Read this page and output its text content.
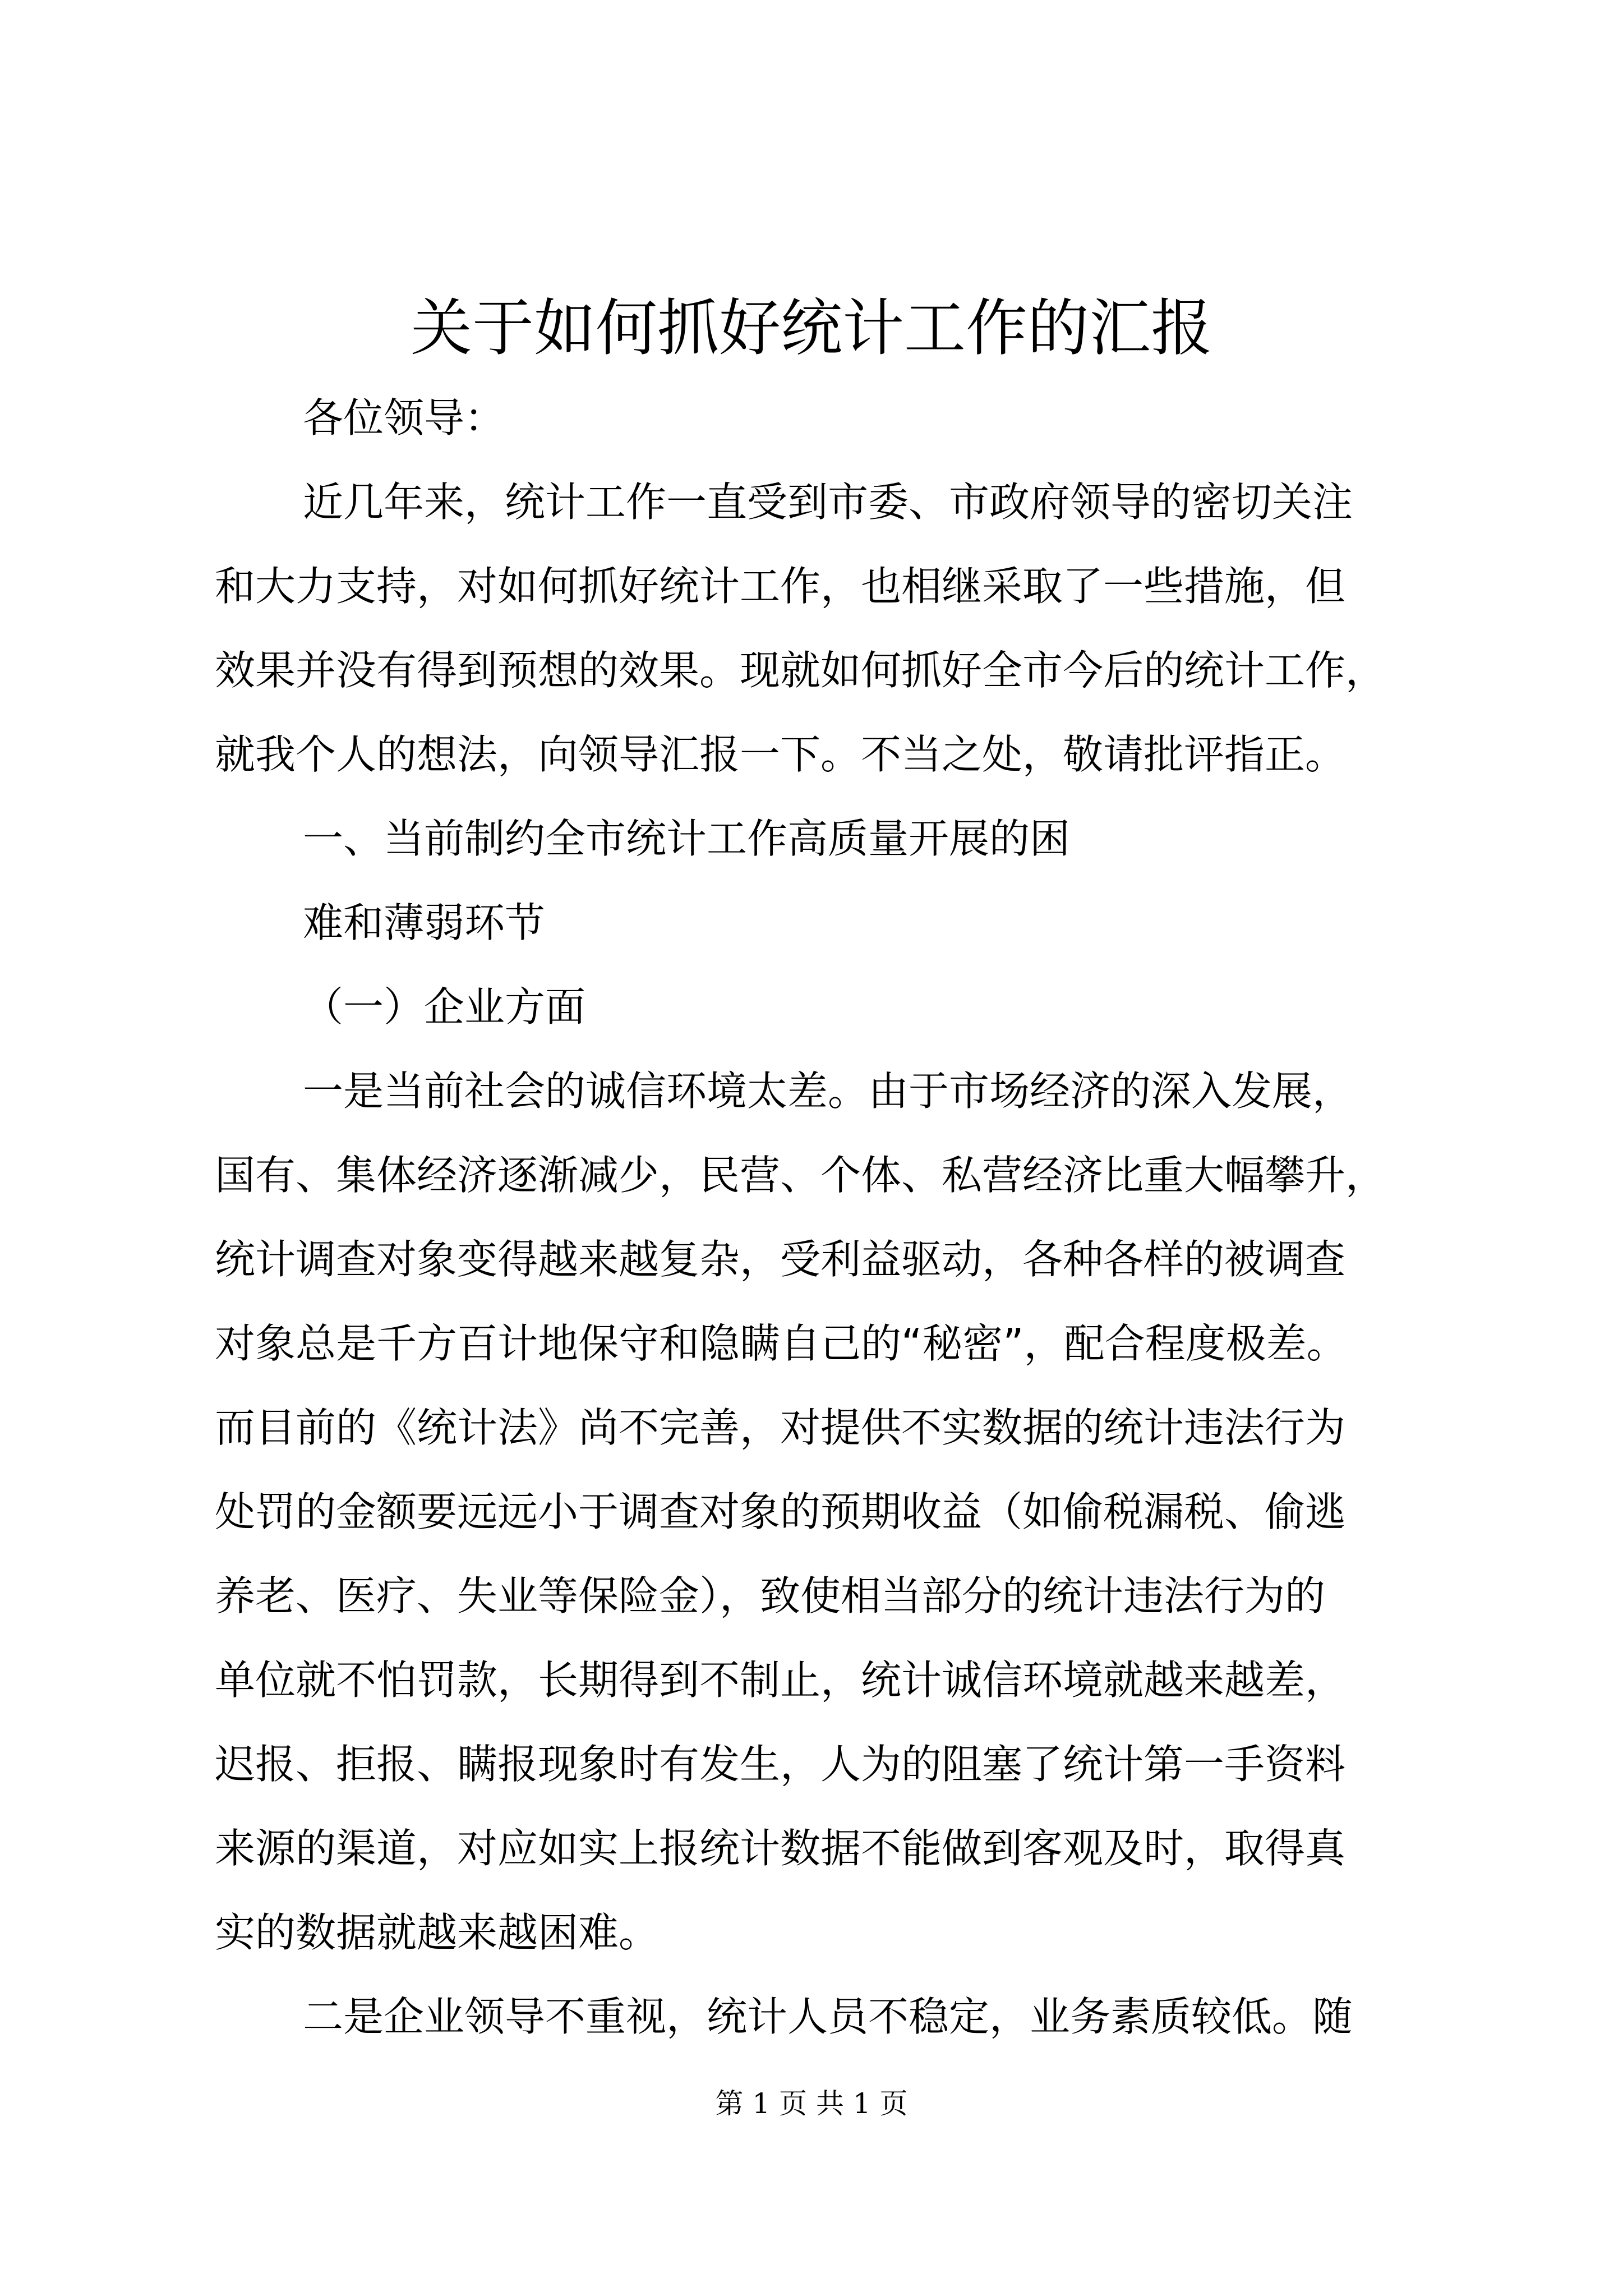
关于如何抓好统计工作的汇报
各位领导：
近几年来，统计工作一直受到市委、市政府领导的密切关注
和大力支持，对如何抓好统计工作，也相继采取了一些措施，但
效果并没有得到预想的效果。现就如何抓好全市今后的统计工作，
就我个人的想法，向领导汇报一下。不当之处，敬请批评指正。
一、当前制约全市统计工作高质量开展的困
难和薄弱环节
（一）企业方面
一是当前社会的诚信环境太差。由于市场经济的深入发展，
国有、集体经济逐渐减少，民营、个体、私营经济比重大幅攀升，
统计调查对象变得越来越复杂，受利益驱动，各种各样的被调查
对象总是千方百计地保守和隐瞒自己的“秘密”，配合程度极差。
而目前的《统计法》尚不完善，对提供不实数据的统计违法行为
处罚的金额要远远小于调查对象的预期收益（如偷税漏税、偷逃
养老、医疗、失业等保险金），致使相当部分的统计违法行为的
单位就不怕罚款，长期得到不制止，统计诚信环境就越来越差，
迟报、拒报、瞒报现象时有发生，人为的阻塞了统计第一手资料
来源的渠道，对应如实上报统计数据不能做到客观及时，取得真
实的数据就越来越困难。
二是企业领导不重视，统计人员不稳定，业务素质较低。随
第 1 页 共 1 页
